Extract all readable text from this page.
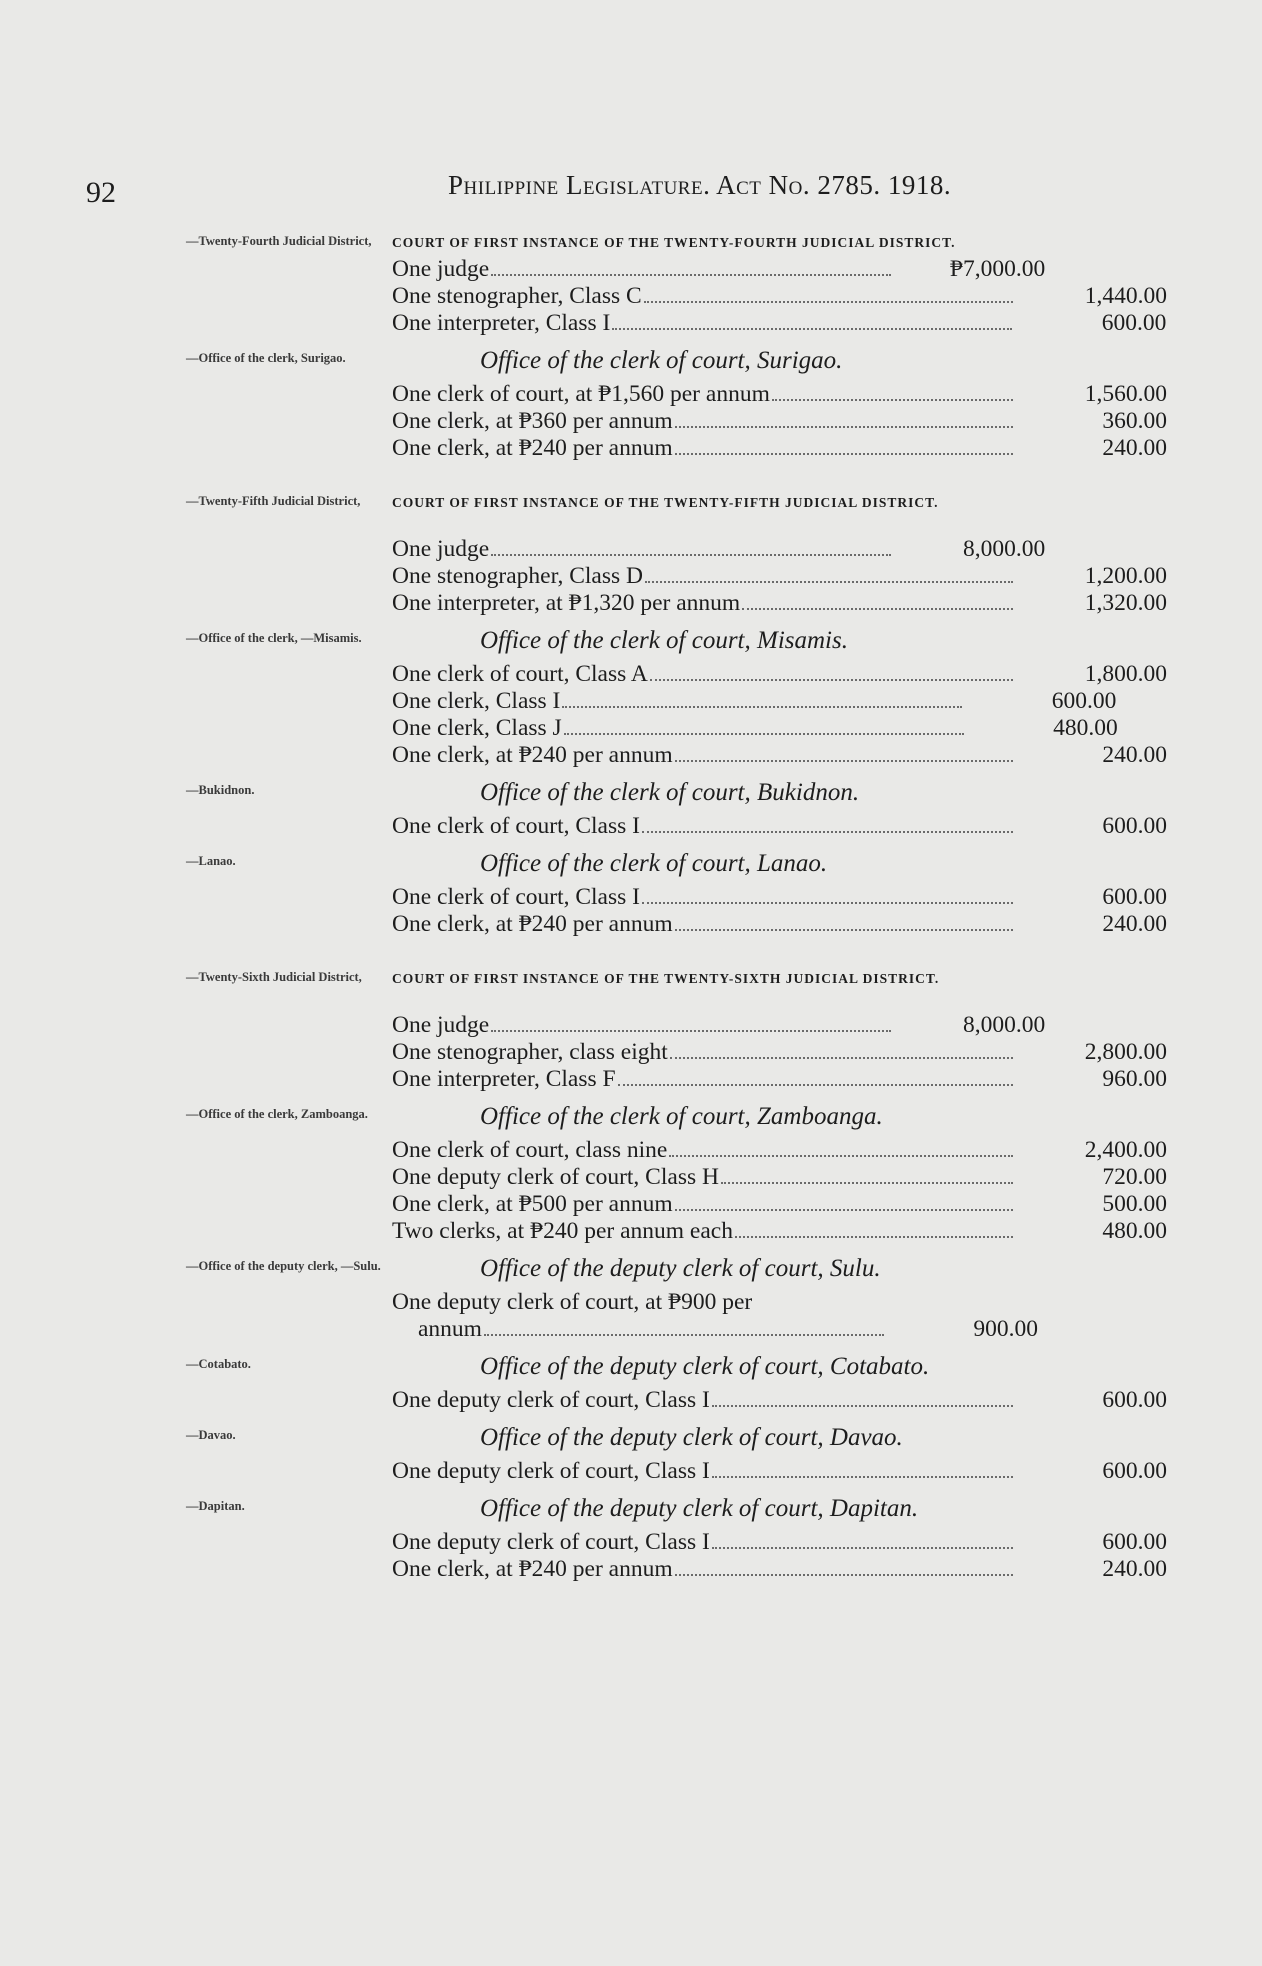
92	Philippine Legislature. Act No. 2785. 1918.
—Twenty-Fourth Judicial District,	COURT OF FIRST INSTANCE OF THE TWENTY-FOURTH JUDICIAL DISTRICT.
One judge	₱7,000.00
One stenographer, Class C	1,440.00
One interpreter, Class I	600.00
—Office of the clerk, Surigao.	Office of the clerk of court, Surigao.
One clerk of court, at ₱1,560 per annum	1,560.00
One clerk, at ₱360 per annum	360.00
One clerk, at ₱240 per annum	240.00
—Twenty-Fifth Judicial District,	COURT OF FIRST INSTANCE OF THE TWENTY-FIFTH JUDICIAL DISTRICT.
One judge	8,000.00
One stenographer, Class D	1,200.00
One interpreter, at ₱1,320 per annum	1,320.00
—Office of the clerk, —Misamis.	Office of the clerk of court, Misamis.
One clerk of court, Class A	1,800.00
One clerk, Class I	600.00
One clerk, Class J	480.00
One clerk, at ₱240 per annum	240.00
—Bukidnon.	Office of the clerk of court, Bukidnon.
One clerk of court, Class I	600.00
—Lanao.	Office of the clerk of court, Lanao.
One clerk of court, Class I	600.00
One clerk, at ₱240 per annum	240.00
—Twenty-Sixth Judicial District,	COURT OF FIRST INSTANCE OF THE TWENTY-SIXTH JUDICIAL DISTRICT.
One judge	8,000.00
One stenographer, class eight	2,800.00
One interpreter, Class F	960.00
—Office of the clerk, Zamboanga.	Office of the clerk of court, Zamboanga.
One clerk of court, class nine	2,400.00
One deputy clerk of court, Class H	720.00
One clerk, at ₱500 per annum	500.00
Two clerks, at ₱240 per annum each	480.00
—Office of the deputy clerk, —Sulu.	Office of the deputy clerk of court, Sulu.
One deputy clerk of court, at ₱900 per
annum	900.00
—Cotabato.	Office of the deputy clerk of court, Cotabato.
One deputy clerk of court, Class I	600.00
—Davao.	Office of the deputy clerk of court, Davao.
One deputy clerk of court, Class I	600.00
—Dapitan.	Office of the deputy clerk of court, Dapitan.
One deputy clerk of court, Class I	600.00
One clerk, at ₱240 per annum	240.00
